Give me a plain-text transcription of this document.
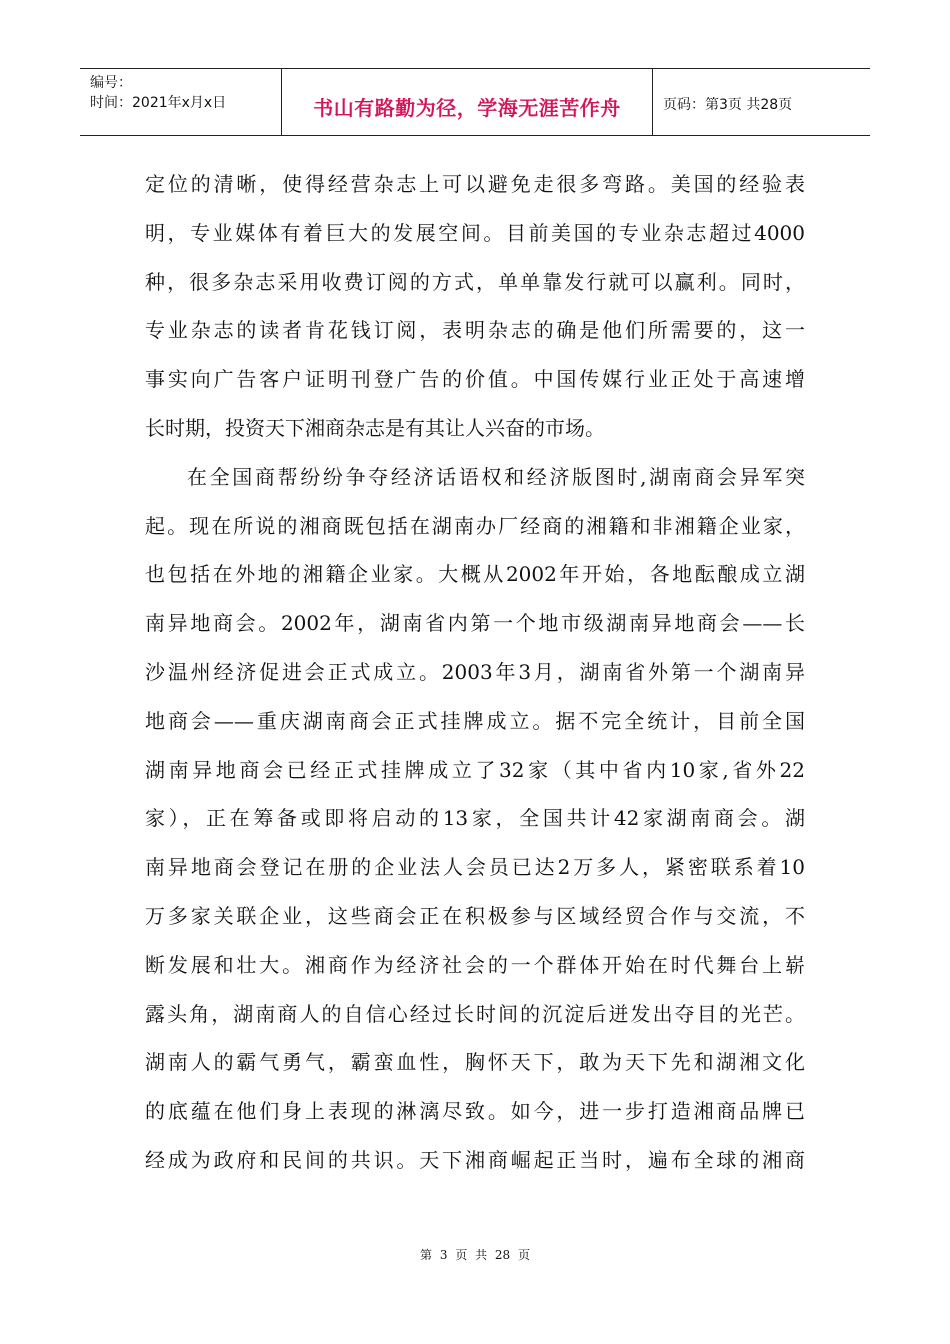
编号：
时间：2021年x月x日	书山有路勤为径，学海无涯苦作舟	页码：第3页 共28页
定位的清晰，使得经营杂志上可以避免走很多弯路。美国的经验表
明，专业媒体有着巨大的发展空间。目前美国的专业杂志超过4000
种，很多杂志采用收费订阅的方式，单单靠发行就可以赢利。同时，
专业杂志的读者肯花钱订阅，表明杂志的确是他们所需要的，这一
事实向广告客户证明刊登广告的价值。中国传媒行业正处于高速增
长时期，投资天下湘商杂志是有其让人兴奋的市场。
在全国商帮纷纷争夺经济话语权和经济版图时,湖南商会异军突
起。现在所说的湘商既包括在湖南办厂经商的湘籍和非湘籍企业家，
也包括在外地的湘籍企业家。大概从2002年开始，各地酝酿成立湖
南异地商会。2002年，湖南省内第一个地市级湖南异地商会——长
沙温州经济促进会正式成立。2003年3月，湖南省外第一个湖南异
地商会——重庆湖南商会正式挂牌成立。据不完全统计，目前全国
湖南异地商会已经正式挂牌成立了32家（其中省内10家,省外22
家），正在筹备或即将启动的13家，全国共计42家湖南商会。湖
南异地商会登记在册的企业法人会员已达2万多人，紧密联系着10
万多家关联企业，这些商会正在积极参与区域经贸合作与交流，不
断发展和壮大。湘商作为经济社会的一个群体开始在时代舞台上崭
露头角，湖南商人的自信心经过长时间的沉淀后迸发出夺目的光芒。
湖南人的霸气勇气，霸蛮血性，胸怀天下，敢为天下先和湖湘文化
的底蕴在他们身上表现的淋漓尽致。如今，进一步打造湘商品牌已
经成为政府和民间的共识。天下湘商崛起正当时，遍布全球的湘商
第 3 页 共 28 页
